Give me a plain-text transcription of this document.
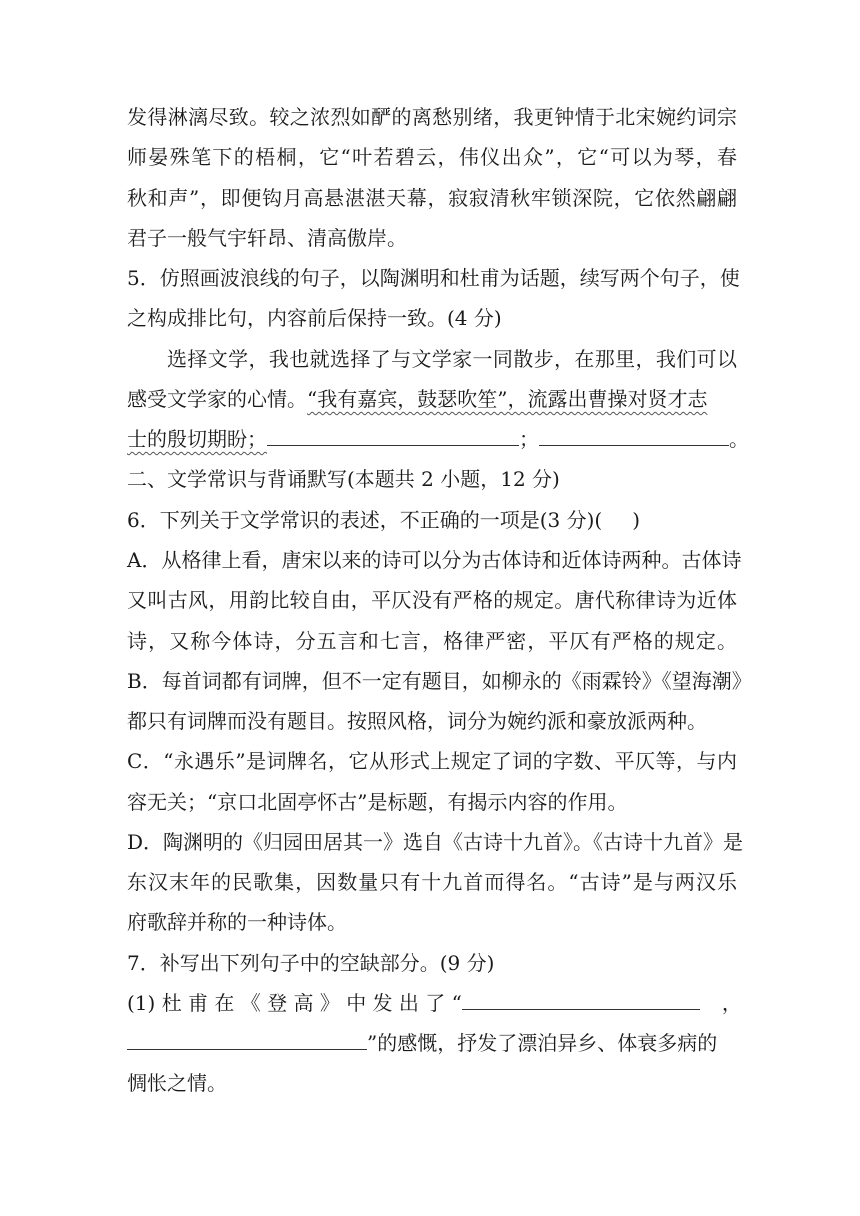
发得淋漓尽致。较之浓烈如酽的离愁别绪，我更钟情于北宋婉约词宗
师晏殊笔下的梧桐，它“叶若碧云，伟仪出众”，它“可以为琴，春
秋和声”，即便钩月高悬湛湛天幕，寂寂清秋牢锁深院，它依然翩翩
君子一般气宇轩昂、清高傲岸。
5．仿照画波浪线的句子，以陶渊明和杜甫为话题，续写两个句子，使
之构成排比句，内容前后保持一致。(4 分)
选择文学，我也就选择了与文学家一同散步，在那里，我们可以
感受文学家的心情。“我有嘉宾，鼓瑟吹笙”，流露出曹操对贤才志
士的殷切期盼；	；	。
二、文学常识与背诵默写(本题共 2 小题，12 分)
6．下列关于文学常识的表述，不正确的一项是(3 分)( )
A．从格律上看，唐宋以来的诗可以分为古体诗和近体诗两种。古体诗
又叫古风，用韵比较自由，平仄没有严格的规定。唐代称律诗为近体
诗，又称今体诗，分五言和七言，格律严密，平仄有严格的规定。
B．每首词都有词牌，但不一定有题目，如柳永的《雨霖铃》《望海潮》
都只有词牌而没有题目。按照风格，词分为婉约派和豪放派两种。
C．“永遇乐”是词牌名，它从形式上规定了词的字数、平仄等，与内
容无关；“京口北固亭怀古”是标题，有揭示内容的作用。
D．陶渊明的《归园田居其一》选自《古诗十九首》。《古诗十九首》是
东汉末年的民歌集，因数量只有十九首而得名。“古诗”是与两汉乐
府歌辞并称的一种诗体。
7．补写出下列句子中的空缺部分。(9 分)
(1) 杜 甫 在 《 登 高 》 中 发 出 了 “	，
”的感慨，抒发了漂泊异乡、体衰多病的
惆怅之情。
